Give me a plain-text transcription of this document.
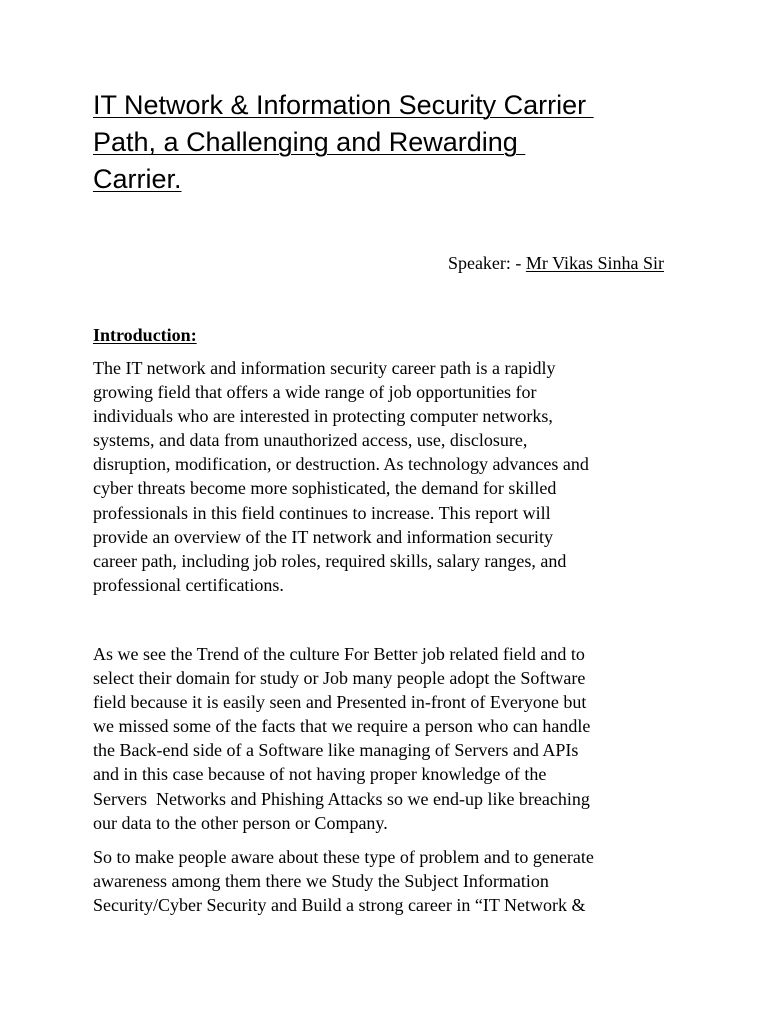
IT Network & Information Security Carrier
Path, a Challenging and Rewarding
Carrier.
Speaker: - Mr Vikas Sinha Sir
Introduction:

The IT network and information security career path is a rapidly
growing field that offers a wide range of job opportunities for
individuals who are interested in protecting computer networks,
systems, and data from unauthorized access, use, disclosure,
disruption, modification, or destruction. As technology advances and
cyber threats become more sophisticated, the demand for skilled
professionals in this field continues to increase. This report will
provide an overview of the IT network and information security
career path, including job roles, required skills, salary ranges, and
professional certifications.

As we see the Trend of the culture For Better job related field and to
select their domain for study or Job many people adopt the Software
field because it is easily seen and Presented in-front of Everyone but
we missed some of the facts that we require a person who can handle
the Back-end side of a Software like managing of Servers and APIs
and in this case because of not having proper knowledge of the
Servers  Networks and Phishing Attacks so we end-up like breaching
our data to the other person or Company.

So to make people aware about these type of problem and to generate
awareness among them there we Study the Subject Information
Security/Cyber Security and Build a strong career in “IT Network &
